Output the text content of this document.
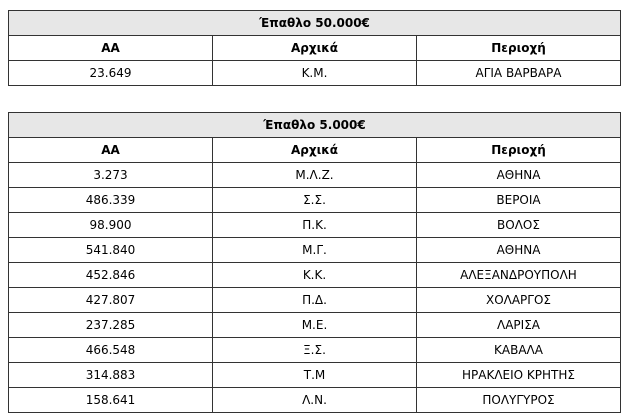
Έπαθλο 50.000€		
ΑΑ	Αρχικά	Περιοχή
23.649	Κ.Μ.	ΑΓΙΑ ΒΑΡΒΑΡΑ
Έπαθλο 5.000€		
ΑΑ	Αρχικά	Περιοχή
3.273	Μ.Λ.Ζ.	ΑΘΗΝΑ
486.339	Σ.Σ.	ΒΕΡΟΙΑ
98.900	Π.Κ.	ΒΟΛΟΣ
541.840	Μ.Γ.	ΑΘΗΝΑ
452.846	Κ.Κ.	ΑΛΕΞΑΝΔΡΟΥΠΟΛΗ
427.807	Π.Δ.	ΧΟΛΑΡΓΟΣ
237.285	Μ.Ε.	ΛΑΡΙΣΑ
466.548	Ξ.Σ.	ΚΑΒΑΛΑ
314.883	Τ.Μ	ΗΡΑΚΛΕΙΟ ΚΡΗΤΗΣ
158.641	Λ.Ν.	ΠΟΛΥΓΥΡΟΣ
